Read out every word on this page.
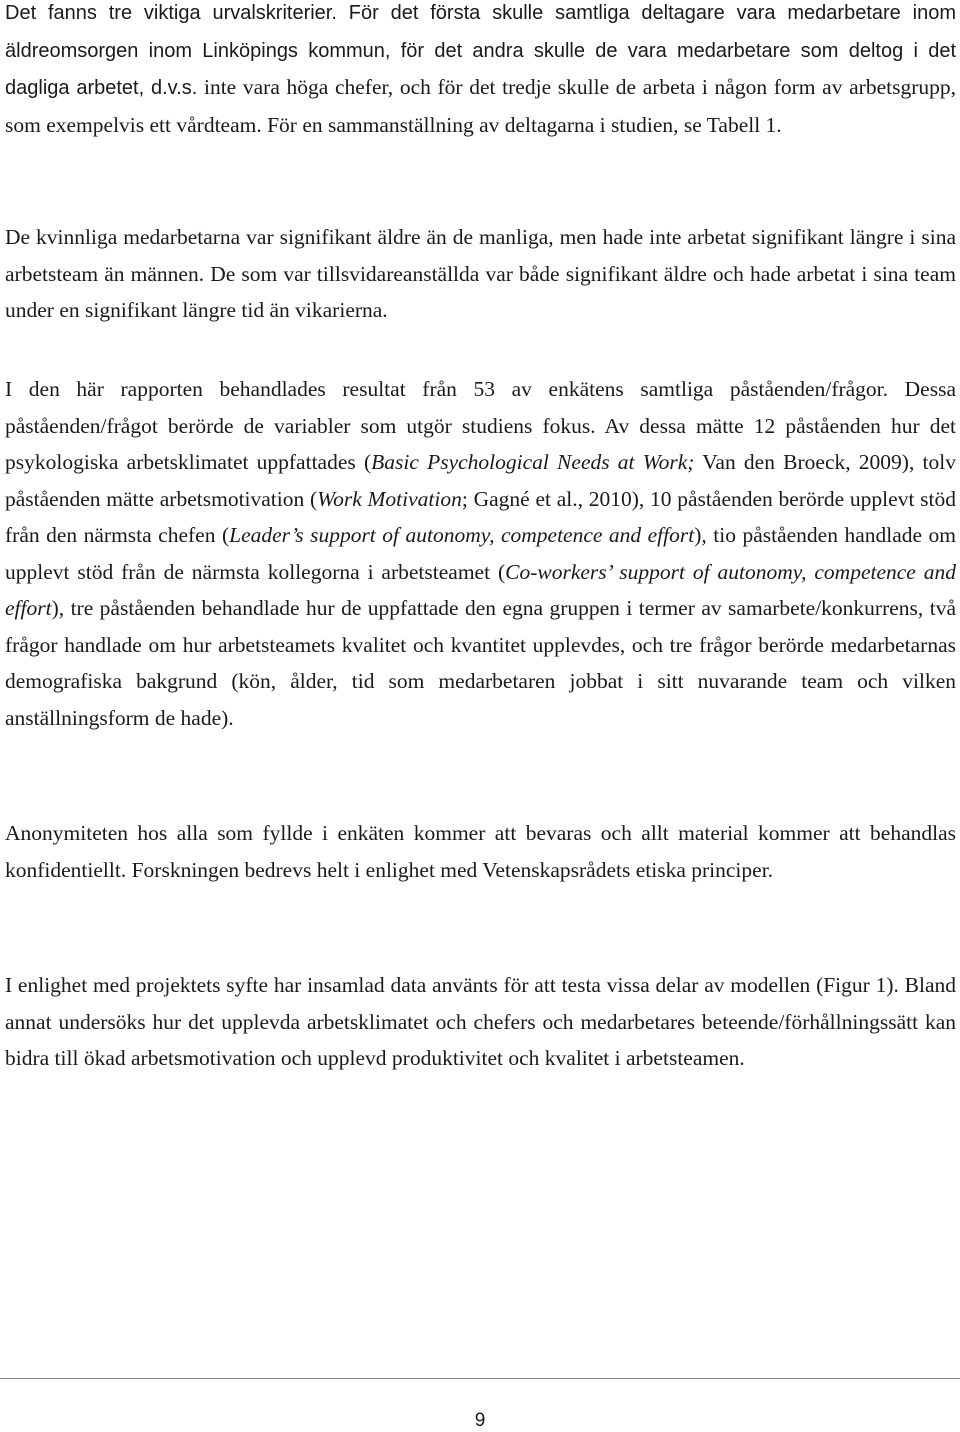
Det fanns tre viktiga urvalskriterier. För det första skulle samtliga deltagare vara medarbetare inom äldreomsorgen inom Linköpings kommun, för det andra skulle de vara medarbetare som deltog i det dagliga arbetet, d.v.s. inte vara höga chefer, och för det tredje skulle de arbeta i någon form av arbetsgrupp, som exempelvis ett vårdteam. För en sammanställning av deltagarna i studien, se Tabell 1.

De kvinnliga medarbetarna var signifikant äldre än de manliga, men hade inte arbetat signifikant längre i sina arbetsteam än männen. De som var tillsvidareanställda var både signifikant äldre och hade arbetat i sina team under en signifikant längre tid än vikarierna.

I den här rapporten behandlades resultat från 53 av enkätens samtliga påståenden/frågor. Dessa påståenden/frågot berörde de variabler som utgör studiens fokus. Av dessa mätte 12 påståenden hur det psykologiska arbetsklimatet uppfattades (Basic Psychological Needs at Work; Van den Broeck, 2009), tolv påståenden mätte arbetsmotivation (Work Motivation; Gagné et al., 2010), 10 påståenden berörde upplevt stöd från den närmsta chefen (Leader’s support of autonomy, competence and effort), tio påståenden handlade om upplevt stöd från de närmsta kollegorna i arbetsteamet (Co-workers’ support of autonomy, competence and effort), tre påståenden behandlade hur de uppfattade den egna gruppen i termer av samarbete/konkurrens, två frågor handlade om hur arbetsteamets kvalitet och kvantitet upplevdes, och tre frågor berörde medarbetarnas demografiska bakgrund (kön, ålder, tid som medarbetaren jobbat i sitt nuvarande team och vilken anställningsform de hade).

Anonymiteten hos alla som fyllde i enkäten kommer att bevaras och allt material kommer att behandlas konfidentiellt. Forskningen bedrevs helt i enlighet med Vetenskapsrådets etiska principer.

I enlighet med projektets syfte har insamlad data använts för att testa vissa delar av modellen (Figur 1). Bland annat undersöks hur det upplevda arbetsklimatet och chefers och medarbetares beteende/förhållningssätt kan bidra till ökad arbetsmotivation och upplevd produktivitet och kvalitet i arbetsteamen.

9
